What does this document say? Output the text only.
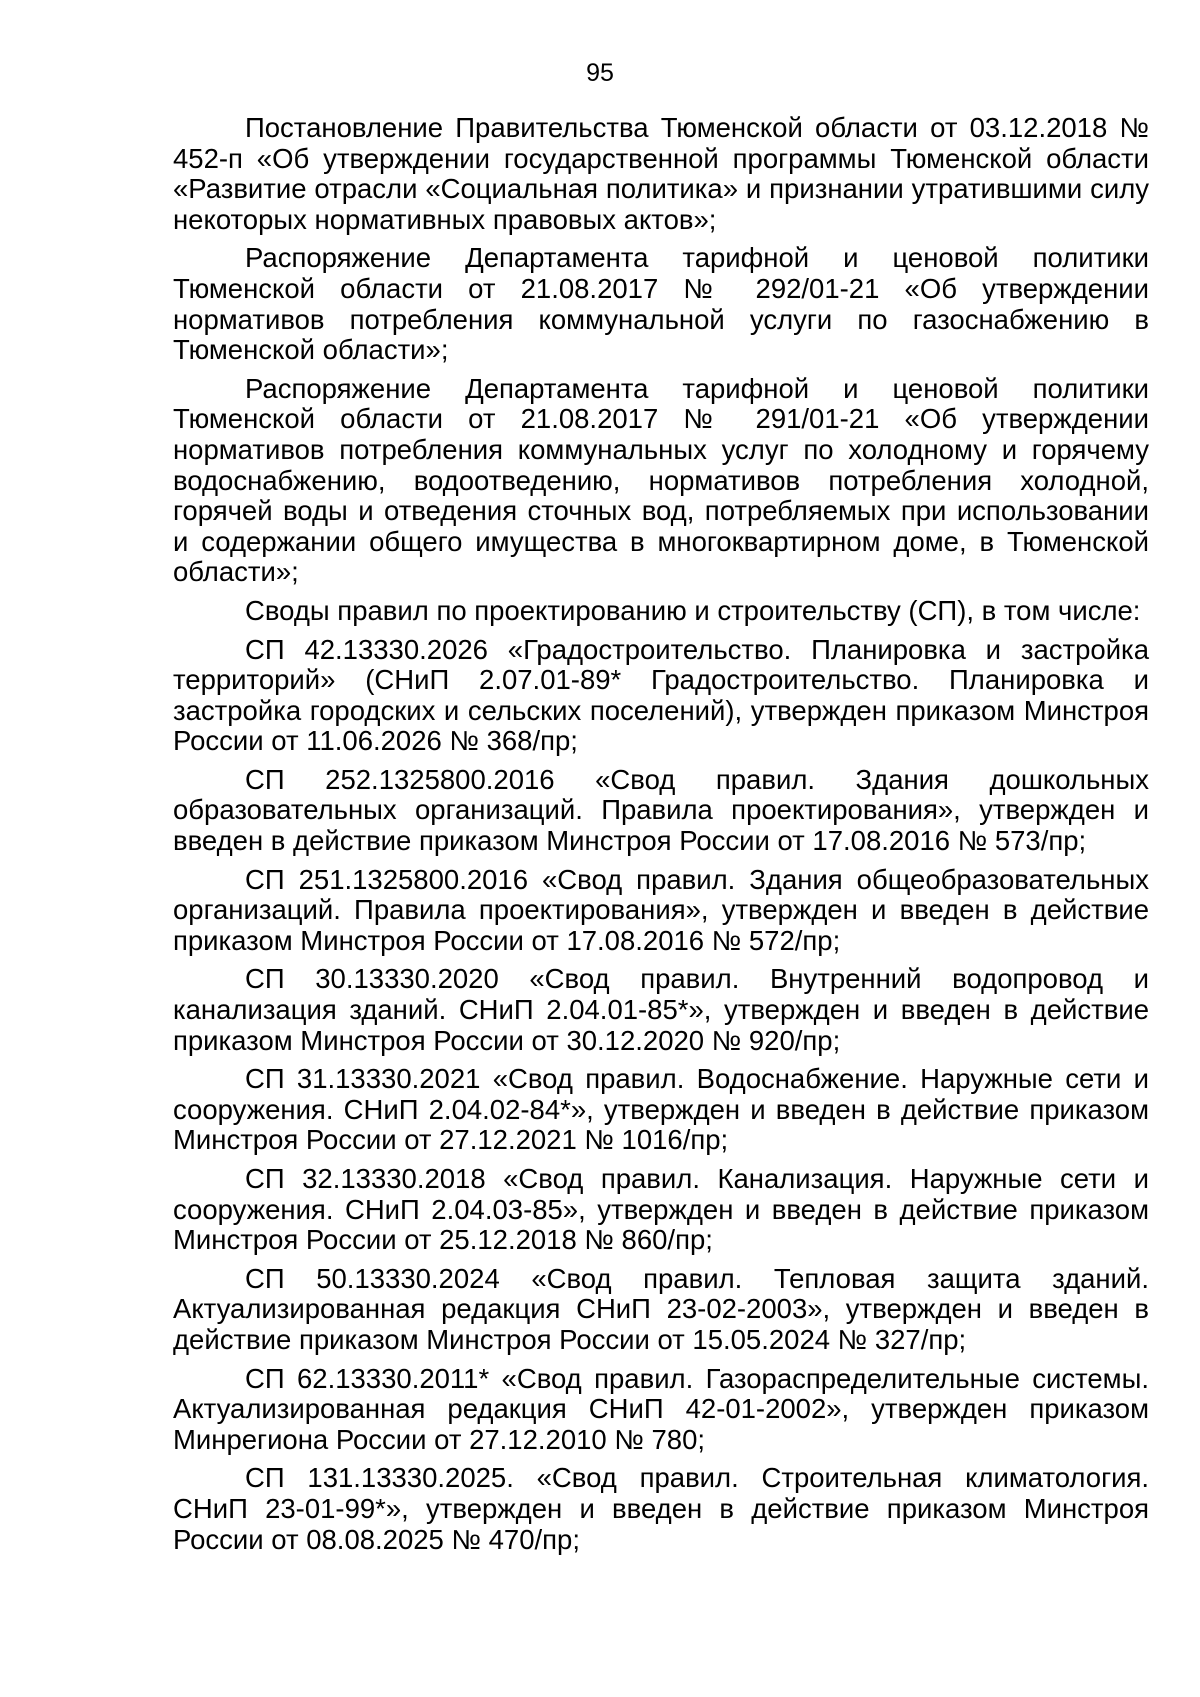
95

Постановление Правительства Тюменской области от 03.12.2018 № 452-п «Об утверждении государственной программы Тюменской области «Развитие отрасли «Социальная политика» и признании утратившими силу некоторых нормативных правовых актов»;

Распоряжение Департамента тарифной и ценовой политики Тюменской области от 21.08.2017 № 292/01-21 «Об утверждении нормативов потребления коммунальной услуги по газоснабжению в Тюменской области»;

Распоряжение Департамента тарифной и ценовой политики Тюменской области от 21.08.2017 № 291/01-21 «Об утверждении нормативов потребления коммунальных услуг по холодному и горячему водоснабжению, водоотведению, нормативов потребления холодной, горячей воды и отведения сточных вод, потребляемых при использовании и содержании общего имущества в многоквартирном доме, в Тюменской области»;

Своды правил по проектированию и строительству (СП), в том числе:

СП 42.13330.2026 «Градостроительство. Планировка и застройка территорий» (СНиП 2.07.01-89* Градостроительство. Планировка и застройка городских и сельских поселений), утвержден приказом Минстроя России от 11.06.2026 № 368/пр;

СП 252.1325800.2016 «Свод правил. Здания дошкольных образовательных организаций. Правила проектирования», утвержден и введен в действие приказом Минстроя России от 17.08.2016 № 573/пр;

СП 251.1325800.2016 «Свод правил. Здания общеобразовательных организаций. Правила проектирования», утвержден и введен в действие приказом Минстроя России от 17.08.2016 № 572/пр;

СП 30.13330.2020 «Свод правил. Внутренний водопровод и канализация зданий. СНиП 2.04.01-85*», утвержден и введен в действие приказом Минстроя России от 30.12.2020 № 920/пр;

СП 31.13330.2021 «Свод правил. Водоснабжение. Наружные сети и сооружения. СНиП 2.04.02-84*», утвержден и введен в действие приказом Минстроя России от 27.12.2021 № 1016/пр;

СП 32.13330.2018 «Свод правил. Канализация. Наружные сети и сооружения. СНиП 2.04.03-85», утвержден и введен в действие приказом Минстроя России от 25.12.2018 № 860/пр;

СП 50.13330.2024 «Свод правил. Тепловая защита зданий. Актуализированная редакция СНиП 23-02-2003», утвержден и введен в действие приказом Минстроя России от 15.05.2024 № 327/пр;

СП 62.13330.2011* «Свод правил. Газораспределительные системы. Актуализированная редакция СНиП 42-01-2002», утвержден приказом Минрегиона России от 27.12.2010 № 780;

СП 131.13330.2025. «Свод правил. Строительная климатология. СНиП 23-01-99*», утвержден и введен в действие приказом Минстроя России от 08.08.2025 № 470/пр;
